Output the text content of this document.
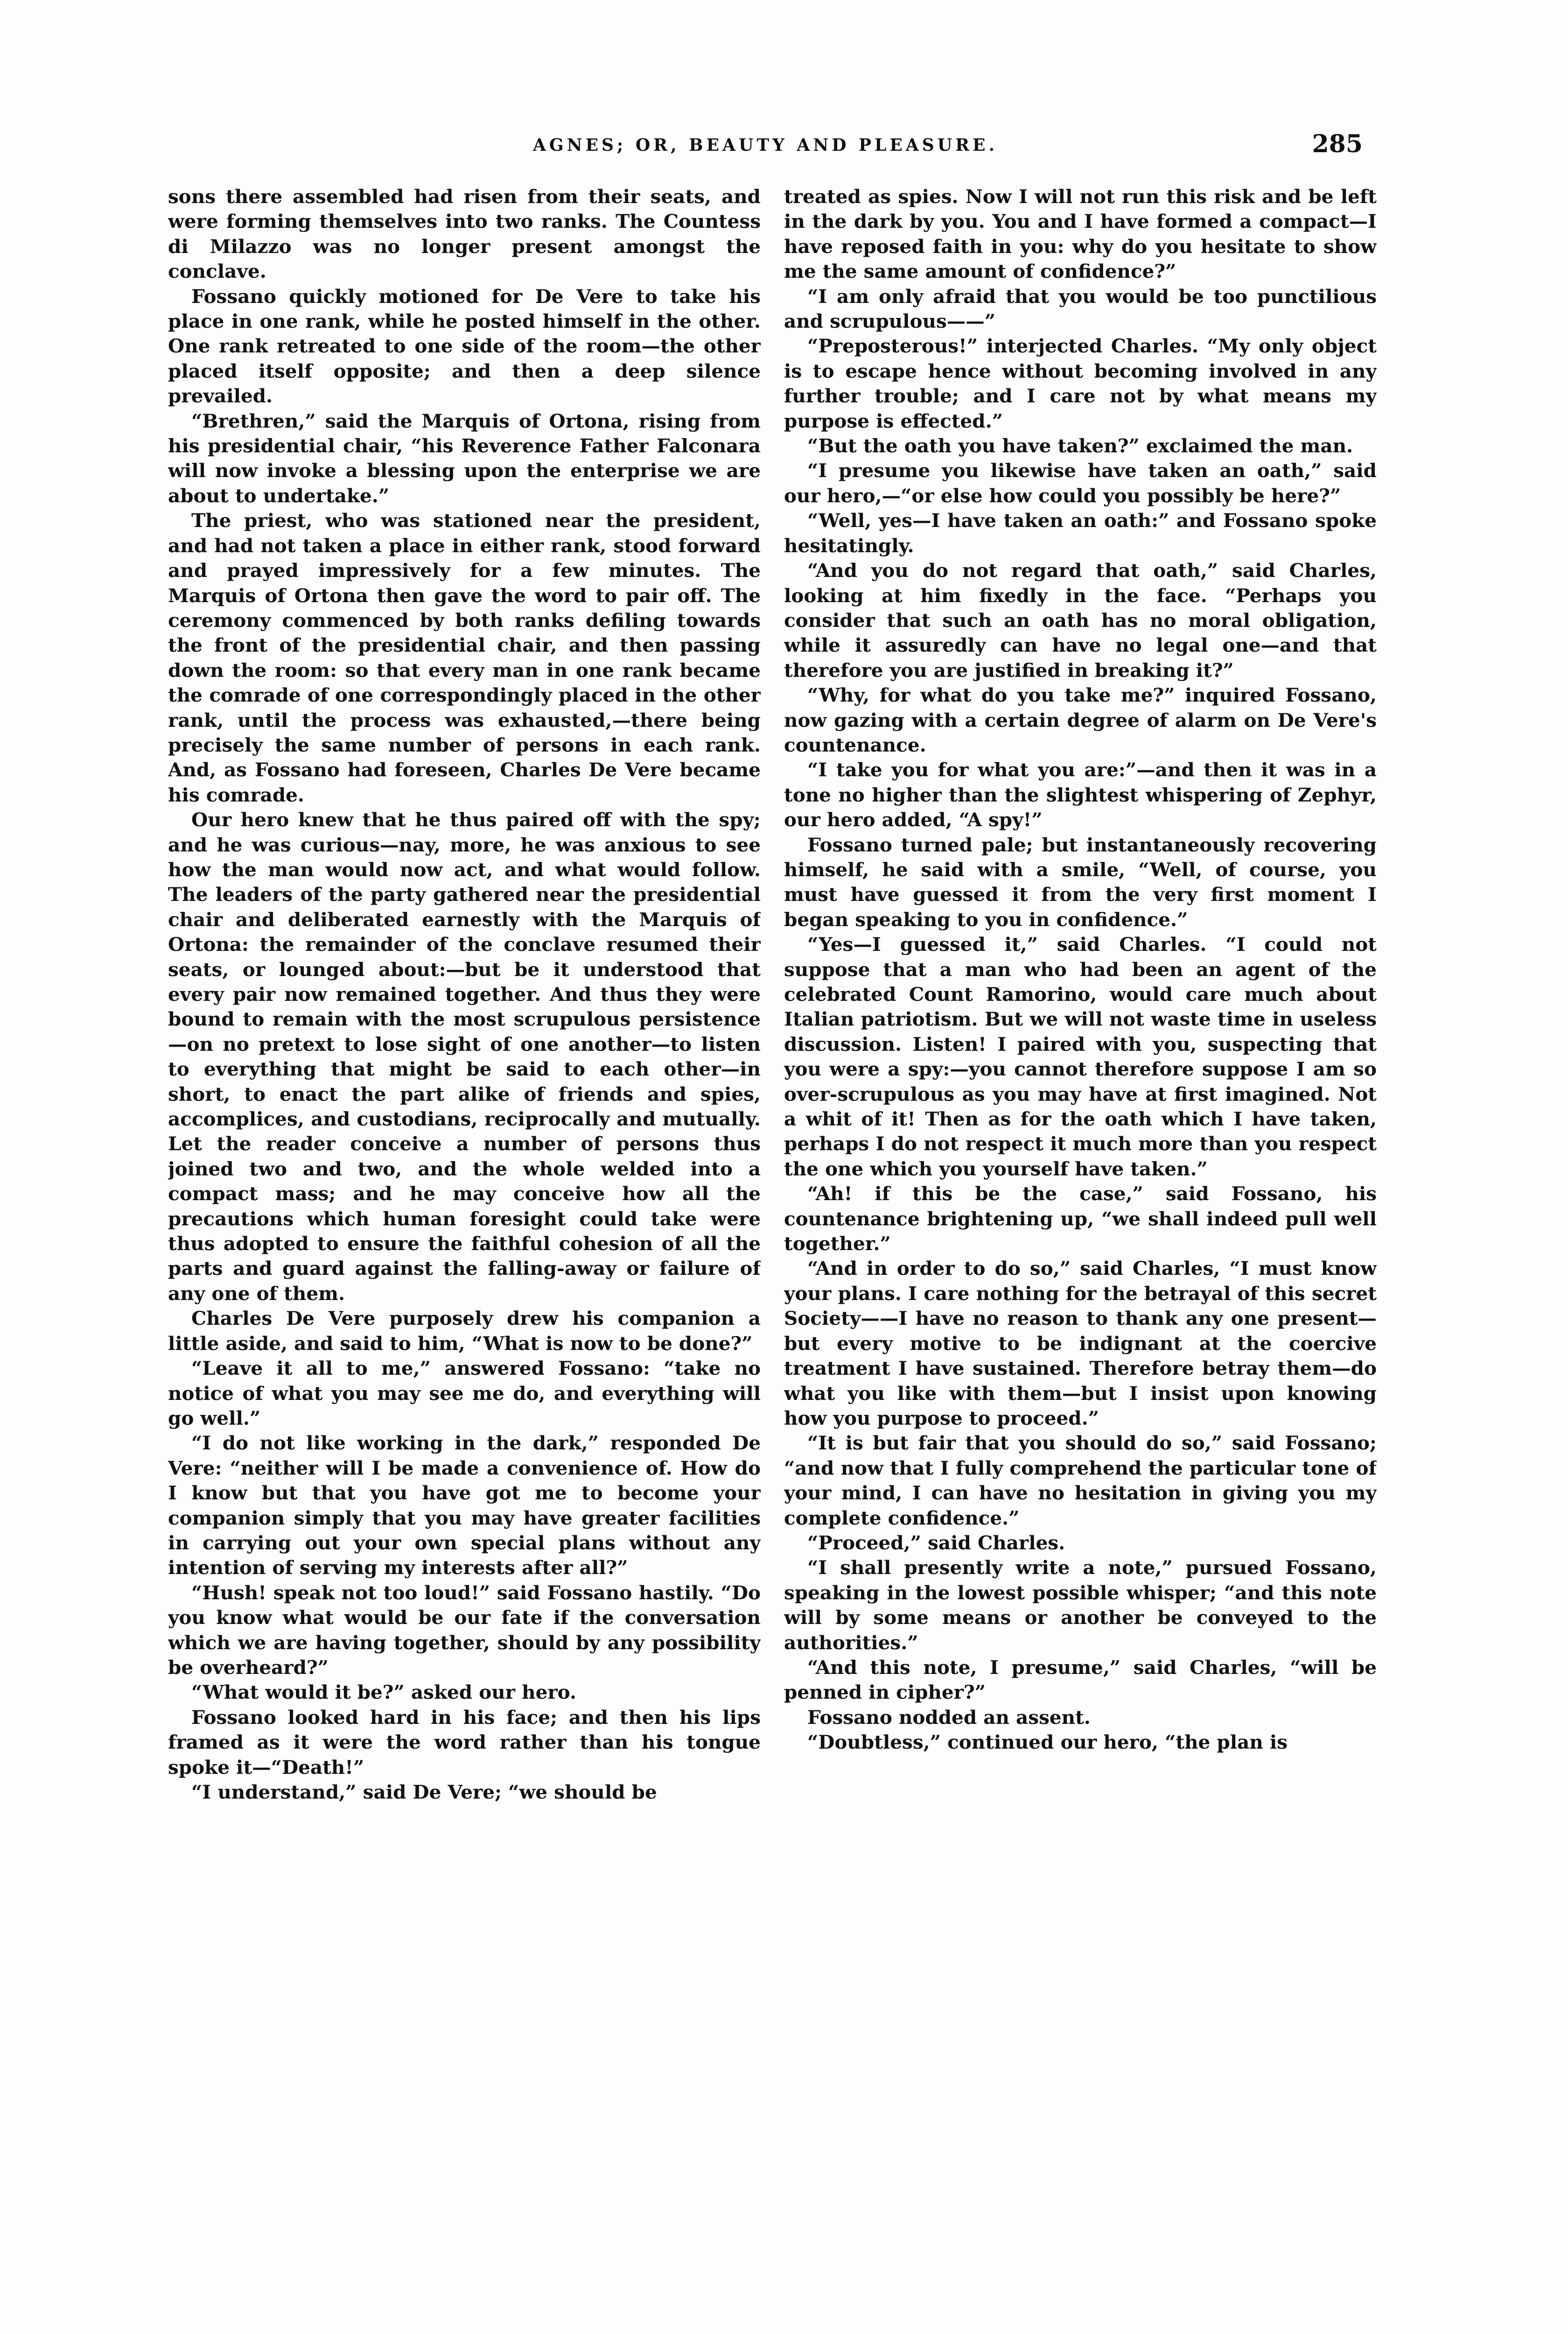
AGNES; OR, BEAUTY AND PLEASURE.	285

sons there assembled had risen from their seats, and were forming themselves into two ranks. The Countess di Milazzo was no longer present amongst the conclave.

Fossano quickly motioned for De Vere to take his place in one rank, while he posted himself in the other. One rank retreated to one side of the room—the other placed itself opposite; and then a deep silence prevailed.

“Brethren,” said the Marquis of Ortona, rising from his presidential chair, “his Reverence Father Falconara will now invoke a blessing upon the enterprise we are about to undertake.”

The priest, who was stationed near the president, and had not taken a place in either rank, stood forward and prayed impressively for a few minutes. The Marquis of Ortona then gave the word to pair off. The ceremony commenced by both ranks defiling towards the front of the presidential chair, and then passing down the room: so that every man in one rank became the comrade of one correspondingly placed in the other rank, until the process was exhausted,—there being precisely the same number of persons in each rank. And, as Fossano had foreseen, Charles De Vere became his comrade.

Our hero knew that he thus paired off with the spy; and he was curious—nay, more, he was anxious to see how the man would now act, and what would follow. The leaders of the party gathered near the presidential chair and deliberated earnestly with the Marquis of Ortona: the remainder of the conclave resumed their seats, or lounged about:—but be it understood that every pair now remained together. And thus they were bound to remain with the most scrupulous persistence—on no pretext to lose sight of one another—to listen to everything that might be said to each other—in short, to enact the part alike of friends and spies, accomplices, and custodians, reciprocally and mutually. Let the reader conceive a number of persons thus joined two and two, and the whole welded into a compact mass; and he may conceive how all the precautions which human foresight could take were thus adopted to ensure the faithful cohesion of all the parts and guard against the falling-away or failure of any one of them.

Charles De Vere purposely drew his companion a little aside, and said to him, “What is now to be done?”

“Leave it all to me,” answered Fossano: “take no notice of what you may see me do, and everything will go well.”

“I do not like working in the dark,” responded De Vere: “neither will I be made a convenience of. How do I know but that you have got me to become your companion simply that you may have greater facilities in carrying out your own special plans without any intention of serving my interests after all?”

“Hush! speak not too loud!” said Fossano hastily. “Do you know what would be our fate if the conversation which we are having together, should by any possibility be overheard?”

“What would it be?” asked our hero.

Fossano looked hard in his face; and then his lips framed as it were the word rather than his tongue spoke it—“Death!”

“I understand,” said De Vere; “we should be

treated as spies. Now I will not run this risk and be left in the dark by you. You and I have formed a compact—I have reposed faith in you: why do you hesitate to show me the same amount of confidence?”

“I am only afraid that you would be too punctilious and scrupulous——”

“Preposterous!” interjected Charles. “My only object is to escape hence without becoming involved in any further trouble; and I care not by what means my purpose is effected.”

“But the oath you have taken?” exclaimed the man.

“I presume you likewise have taken an oath,” said our hero,—“or else how could you possibly be here?”

“Well, yes—I have taken an oath:” and Fossano spoke hesitatingly.

“And you do not regard that oath,” said Charles, looking at him fixedly in the face. “Perhaps you consider that such an oath has no moral obligation, while it assuredly can have no legal one—and that therefore you are justified in breaking it?”

“Why, for what do you take me?” inquired Fossano, now gazing with a certain degree of alarm on De Vere's countenance.

“I take you for what you are:”—and then it was in a tone no higher than the slightest whispering of Zephyr, our hero added, “A spy!”

Fossano turned pale; but instantaneously recovering himself, he said with a smile, “Well, of course, you must have guessed it from the very first moment I began speaking to you in confidence.”

“Yes—I guessed it,” said Charles. “I could not suppose that a man who had been an agent of the celebrated Count Ramorino, would care much about Italian patriotism. But we will not waste time in useless discussion. Listen! I paired with you, suspecting that you were a spy:—you cannot therefore suppose I am so over-scrupulous as you may have at first imagined. Not a whit of it! Then as for the oath which I have taken, perhaps I do not respect it much more than you respect the one which you yourself have taken.”

“Ah! if this be the case,” said Fossano, his countenance brightening up, “we shall indeed pull well together.”

“And in order to do so,” said Charles, “I must know your plans. I care nothing for the betrayal of this secret Society——I have no reason to thank any one present—but every motive to be indignant at the coercive treatment I have sustained. Therefore betray them—do what you like with them—but I insist upon knowing how you purpose to proceed.”

“It is but fair that you should do so,” said Fossano; “and now that I fully comprehend the particular tone of your mind, I can have no hesitation in giving you my complete confidence.”

“Proceed,” said Charles.

“I shall presently write a note,” pursued Fossano, speaking in the lowest possible whisper; “and this note will by some means or another be conveyed to the authorities.”

“And this note, I presume,” said Charles, “will be penned in cipher?”

Fossano nodded an assent.

“Doubtless,” continued our hero, “the plan is
